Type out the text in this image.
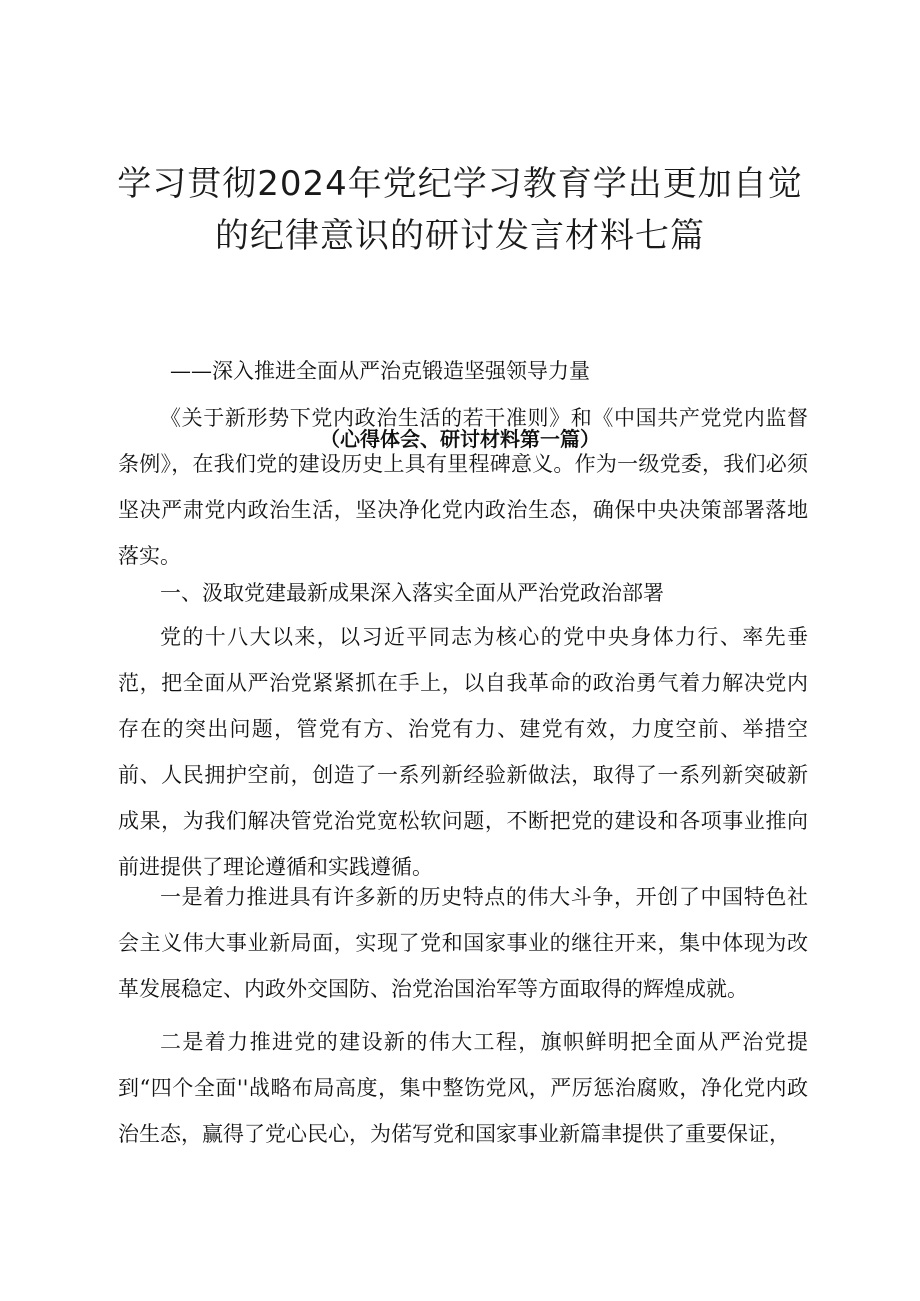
学习贯彻2024年党纪学习教育学出更加自觉
的纪律意识的研讨发言材料七篇
——深入推进全面从严治克锻造坚强领导力量

《关于新形势下党内政治生活的若干准则》和《中国共产党党内监督条例》，在我们党的建设历史上具有里程碑意义。作为一级党委，我们必须坚决严肃党内政治生活，坚决净化党内政治生态，确保中央决策部署落地落实。

（心得体会、研讨材料第一篇）

一、汲取党建最新成果深入落实全面从严治党政治部署

党的十八大以来，以习近平同志为核心的党中央身体力行、率先垂范，把全面从严治党紧紧抓在手上，以自我革命的政治勇气着力解决党内存在的突出问题，管党有方、治党有力、建党有效，力度空前、举措空前、人民拥护空前，创造了一系列新经验新做法，取得了一系列新突破新成果，为我们解决管党治党宽松软问题，不断把党的建设和各项事业推向前进提供了理论遵循和实践遵循。

一是着力推进具有许多新的历史特点的伟大斗争，开创了中国特色社会主义伟大事业新局面，实现了党和国家事业的继往开来，集中体现为改革发展稳定、内政外交国防、治党治国治军等方面取得的辉煌成就。

二是着力推进党的建设新的伟大工程，旗帜鲜明把全面从严治党提到“四个全面''战略布局高度，集中整饬党风，严厉惩治腐败，净化党内政治生态，赢得了党心民心，为偌写党和国家事业新篇聿提供了重要保证，
